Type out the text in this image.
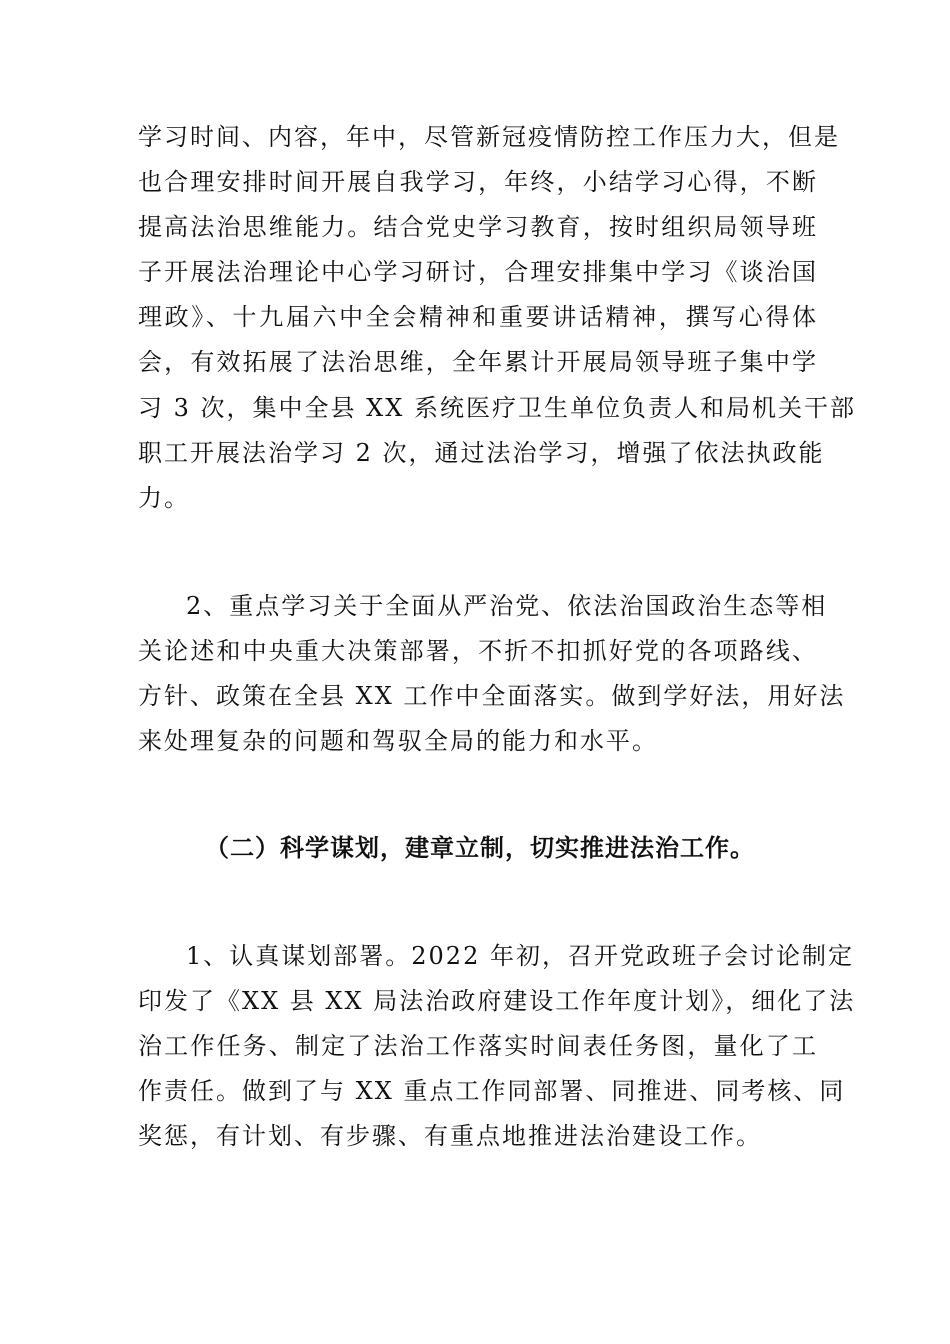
学习时间、内容，年中，尽管新冠疫情防控工作压力大，但是
也合理安排时间开展自我学习，年终，小结学习心得，不断
提高法治思维能力。结合党史学习教育，按时组织局领导班
子开展法治理论中心学习研讨，合理安排集中学习《谈治国
理政》、十九届六中全会精神和重要讲话精神，撰写心得体
会，有效拓展了法治思维，全年累计开展局领导班子集中学
习 3 次，集中全县 XX 系统医疗卫生单位负责人和局机关干部
职工开展法治学习 2 次，通过法治学习，增强了依法执政能
力。
2、重点学习关于全面从严治党、依法治国政治生态等相
关论述和中央重大决策部署，不折不扣抓好党的各项路线、
方针、政策在全县 XX 工作中全面落实。做到学好法，用好法
来处理复杂的问题和驾驭全局的能力和水平。
（二）科学谋划，建章立制，切实推进法治工作。
1、认真谋划部署。2022 年初，召开党政班子会讨论制定
印发了《XX 县 XX 局法治政府建设工作年度计划》，细化了法
治工作任务、制定了法治工作落实时间表任务图，量化了工
作责任。做到了与 XX 重点工作同部署、同推进、同考核、同
奖惩，有计划、有步骤、有重点地推进法治建设工作。
